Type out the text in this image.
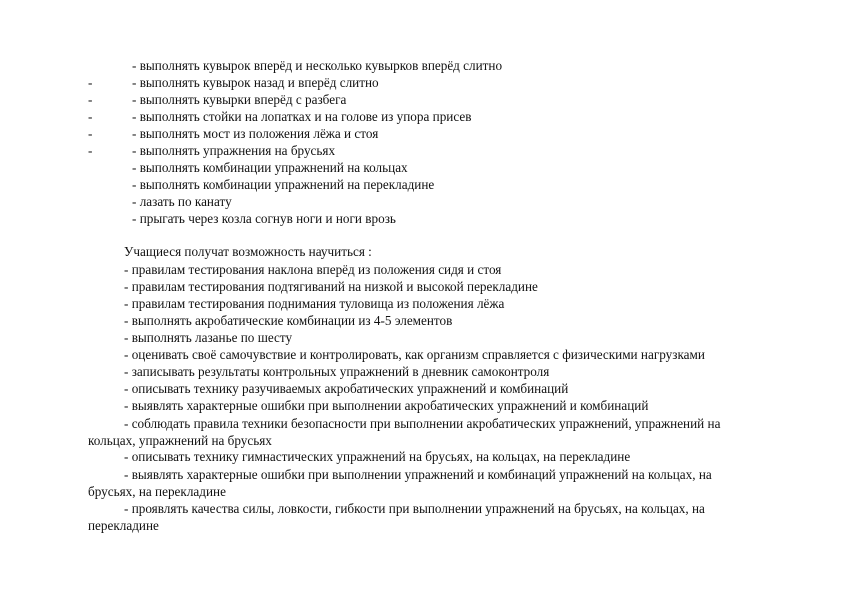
- выполнять кувырок вперёд и несколько кувырков вперёд слитно
- выполнять кувырок назад и вперёд слитно
- выполнять кувырки вперёд с разбега
- выполнять стойки на лопатках и на голове из упора присев
- выполнять мост из положения лёжа и стоя
- выполнять упражнения на брусьях
- выполнять комбинации упражнений на кольцах
- выполнять комбинации упражнений на перекладине
- лазать по канату
- прыгать через козла согнув ноги и ноги врозь
-
-
-
-
-
Учащиеся получат возможность научиться :
- правилам тестирования наклона вперёд из положения сидя и стоя
- правилам тестирования подтягиваний на низкой и высокой перекладине
- правилам тестирования поднимания туловища из положения лёжа
- выполнять акробатические комбинации из 4-5 элементов
- выполнять лазанье по шесту
- оценивать своё самочувствие и контролировать, как организм справляется с физическими нагрузками
- записывать результаты контрольных упражнений в дневник самоконтроля
- описывать технику разучиваемых акробатических упражнений и комбинаций
- выявлять характерные ошибки при выполнении акробатических упражнений и комбинаций
- соблюдать правила техники безопасности при выполнении акробатических упражнений, упражнений на кольцах, упражнений на брусьях
- описывать технику гимнастических упражнений на брусьях, на кольцах, на перекладине
- выявлять характерные ошибки при выполнении упражнений и комбинаций упражнений на кольцах, на брусьях, на перекладине
- проявлять качества силы, ловкости, гибкости при выполнении упражнений на брусьях, на кольцах, на перекладине
